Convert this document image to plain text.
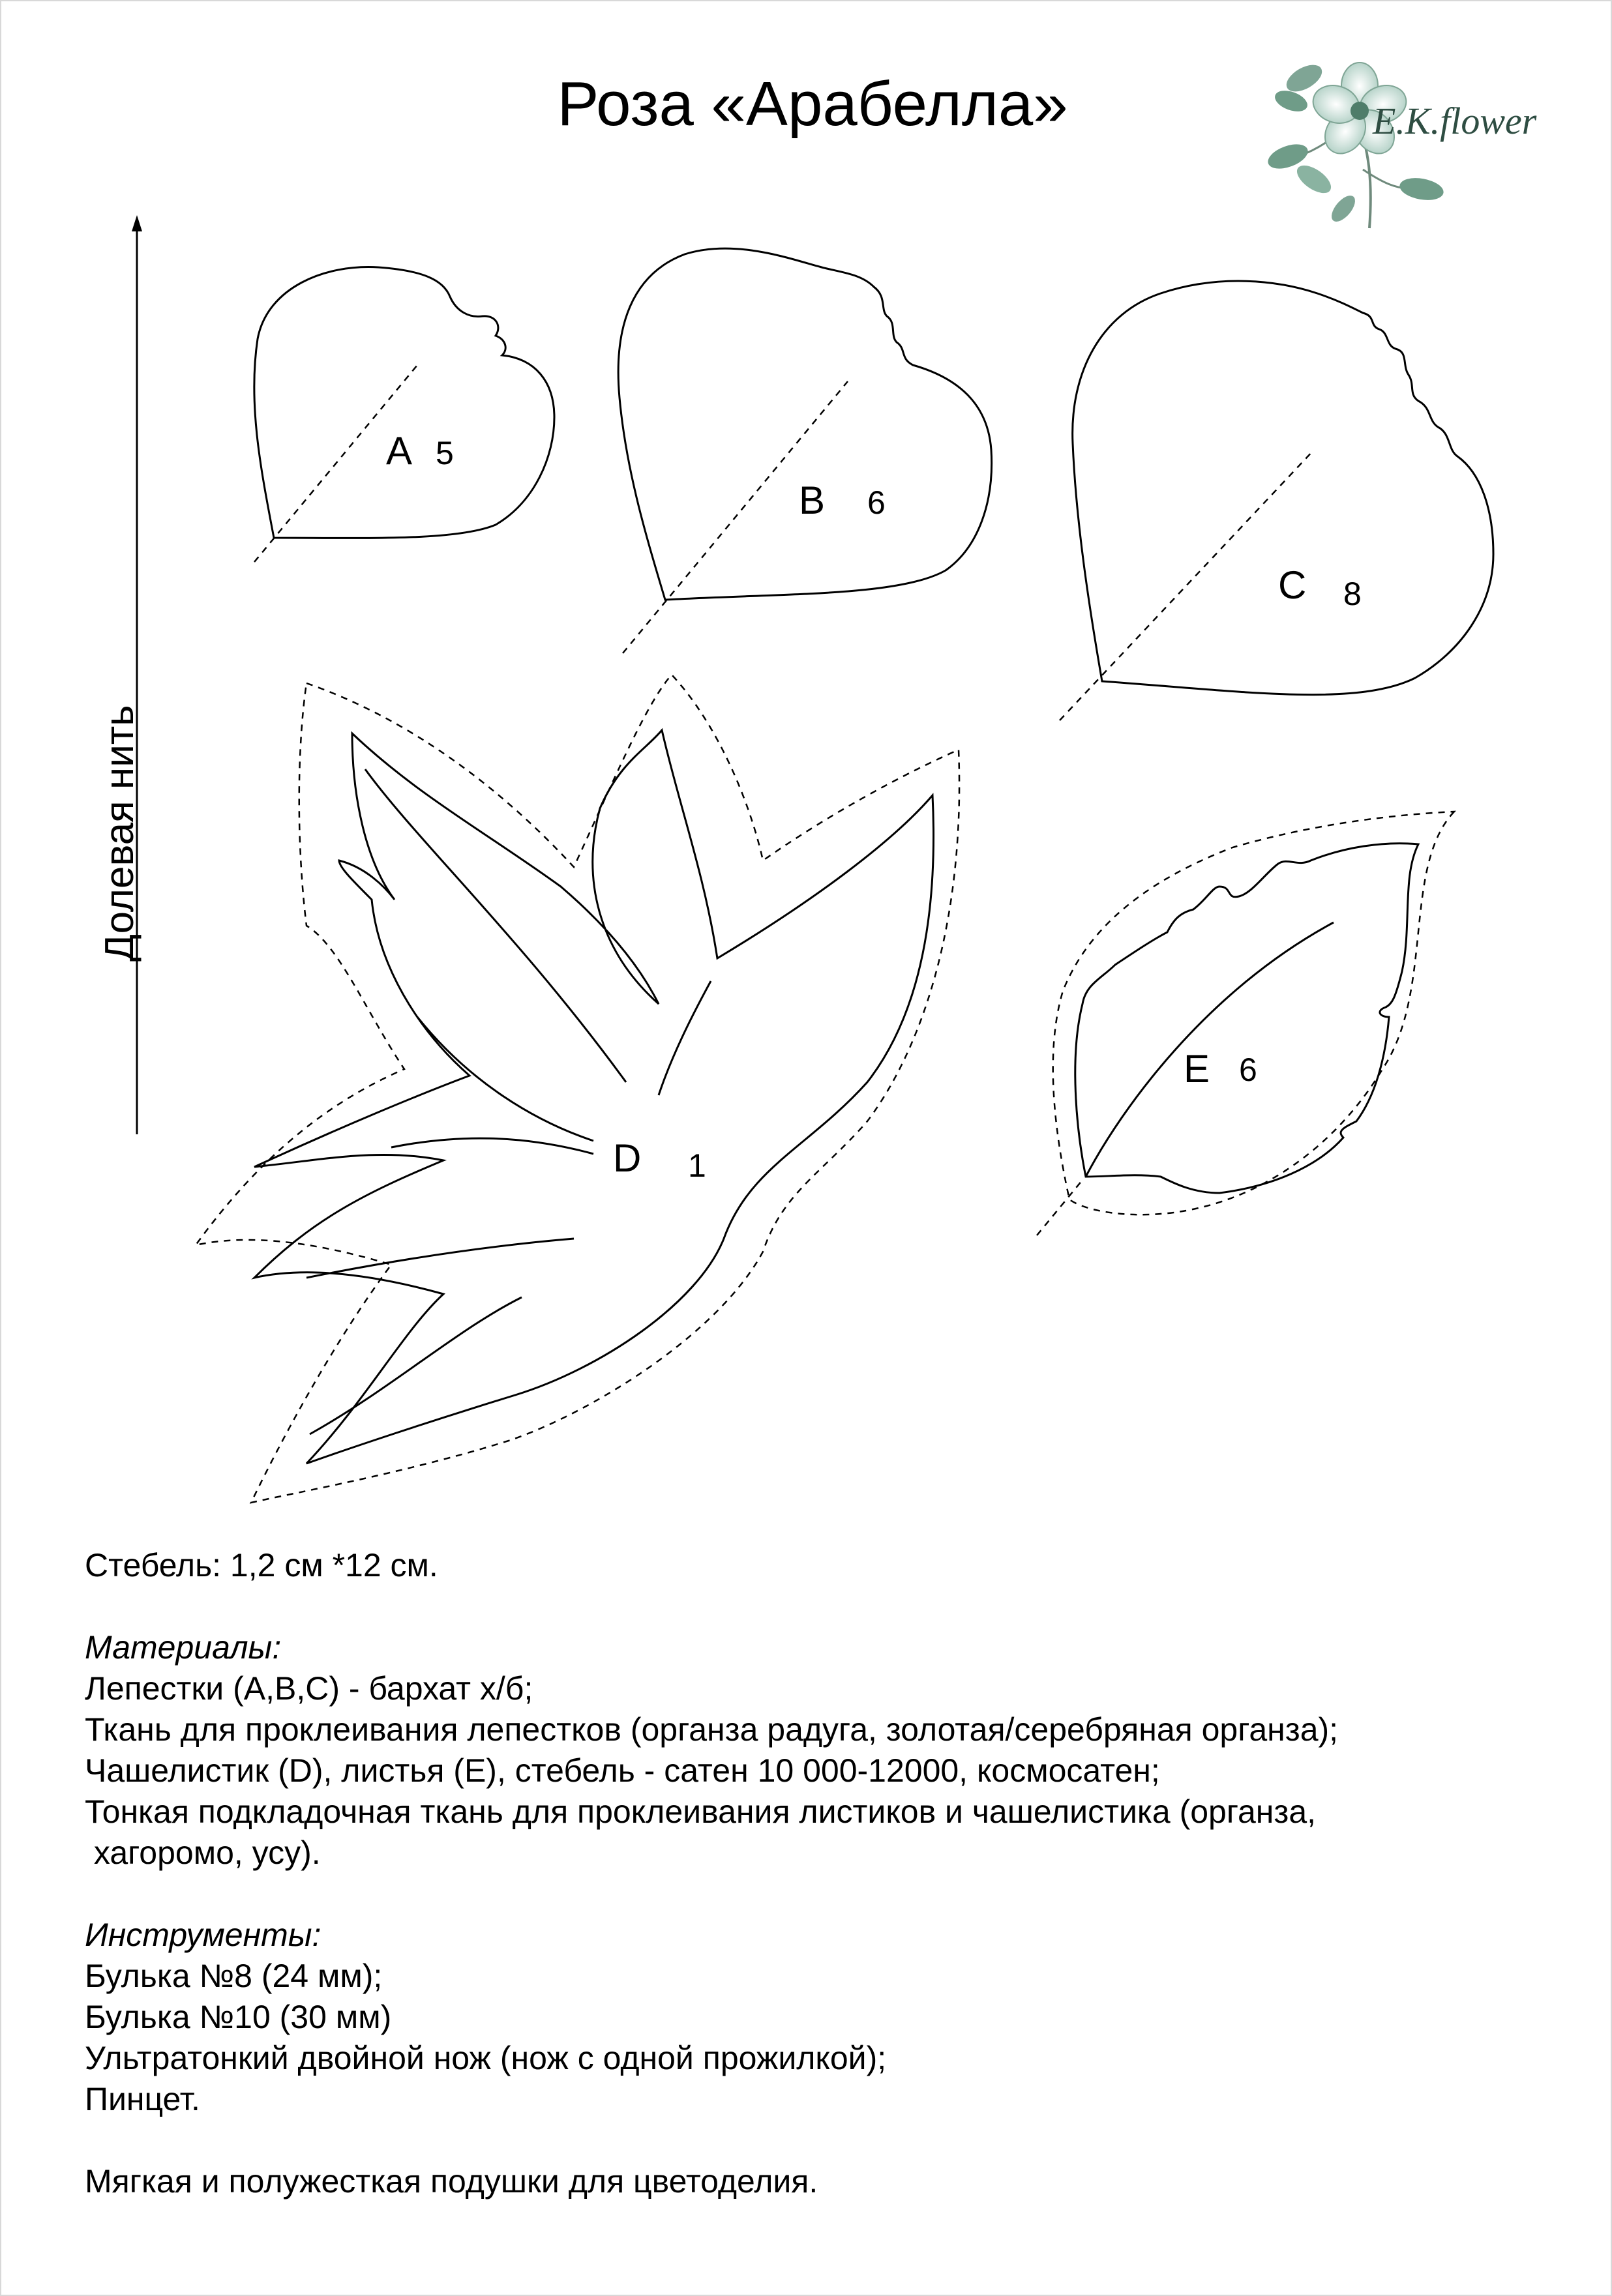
Роза «Арабелла»	E.K.flower
Долевая нить
A 5
B 6
C 8
D 1
E 6

Стебель: 1,2 см *12 см.

Материалы:

Лепестки (A,B,C) - бархат х/б;

Ткань для проклеивания лепестков (органза радуга, золотая/серебряная органза);

Чашелистик (D), листья (E), стебель - сатен 10 000-12000, космосатен;

Тонкая подкладочная ткань для проклеивания листиков и чашелистика (органза,

хагоромо, усу).

Инструменты:

Булька №8 (24 мм);

Булька №10 (30 мм)

Ультратонкий двойной нож (нож с одной прожилкой);

Пинцет.

Мягкая и полужесткая подушки для цветоделия.
